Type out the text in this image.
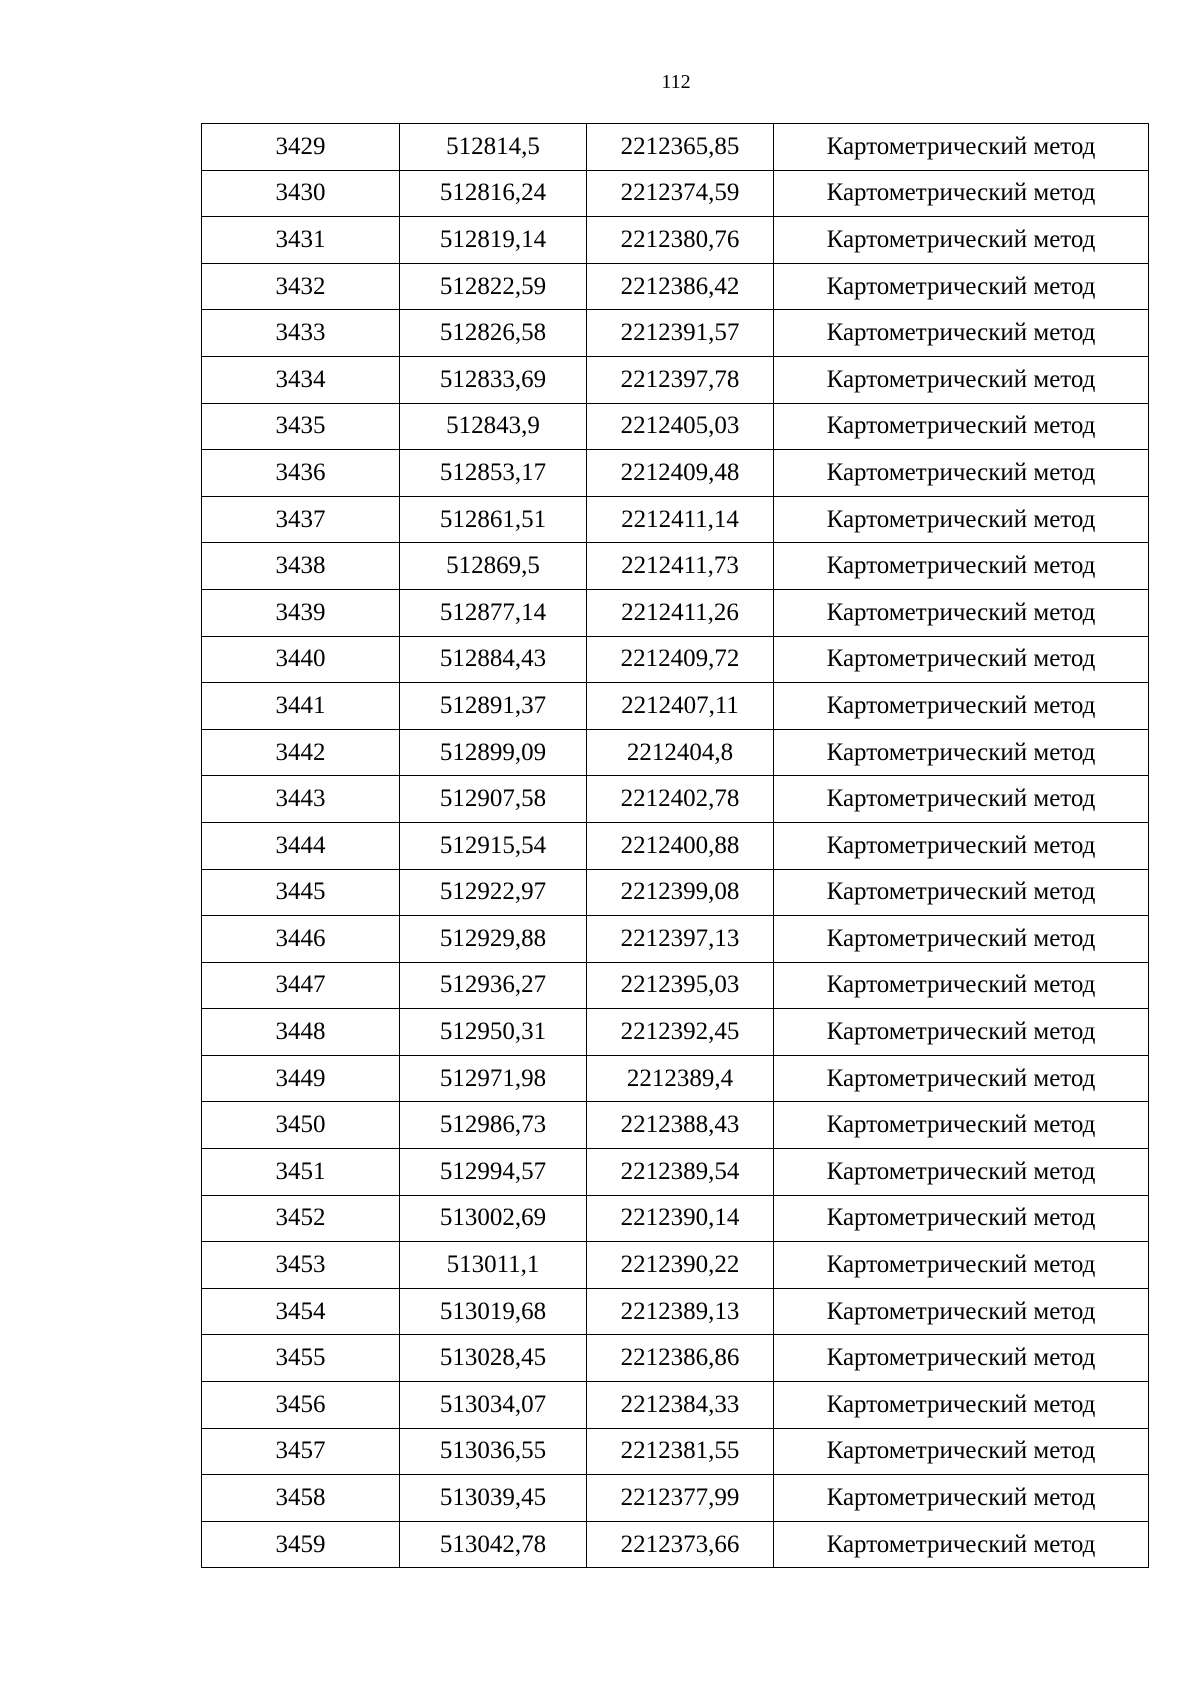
112
3429	512814,5	2212365,85	Картометрический метод
3430	512816,24	2212374,59	Картометрический метод
3431	512819,14	2212380,76	Картометрический метод
3432	512822,59	2212386,42	Картометрический метод
3433	512826,58	2212391,57	Картометрический метод
3434	512833,69	2212397,78	Картометрический метод
3435	512843,9	2212405,03	Картометрический метод
3436	512853,17	2212409,48	Картометрический метод
3437	512861,51	2212411,14	Картометрический метод
3438	512869,5	2212411,73	Картометрический метод
3439	512877,14	2212411,26	Картометрический метод
3440	512884,43	2212409,72	Картометрический метод
3441	512891,37	2212407,11	Картометрический метод
3442	512899,09	2212404,8	Картометрический метод
3443	512907,58	2212402,78	Картометрический метод
3444	512915,54	2212400,88	Картометрический метод
3445	512922,97	2212399,08	Картометрический метод
3446	512929,88	2212397,13	Картометрический метод
3447	512936,27	2212395,03	Картометрический метод
3448	512950,31	2212392,45	Картометрический метод
3449	512971,98	2212389,4	Картометрический метод
3450	512986,73	2212388,43	Картометрический метод
3451	512994,57	2212389,54	Картометрический метод
3452	513002,69	2212390,14	Картометрический метод
3453	513011,1	2212390,22	Картометрический метод
3454	513019,68	2212389,13	Картометрический метод
3455	513028,45	2212386,86	Картометрический метод
3456	513034,07	2212384,33	Картометрический метод
3457	513036,55	2212381,55	Картометрический метод
3458	513039,45	2212377,99	Картометрический метод
3459	513042,78	2212373,66	Картометрический метод
